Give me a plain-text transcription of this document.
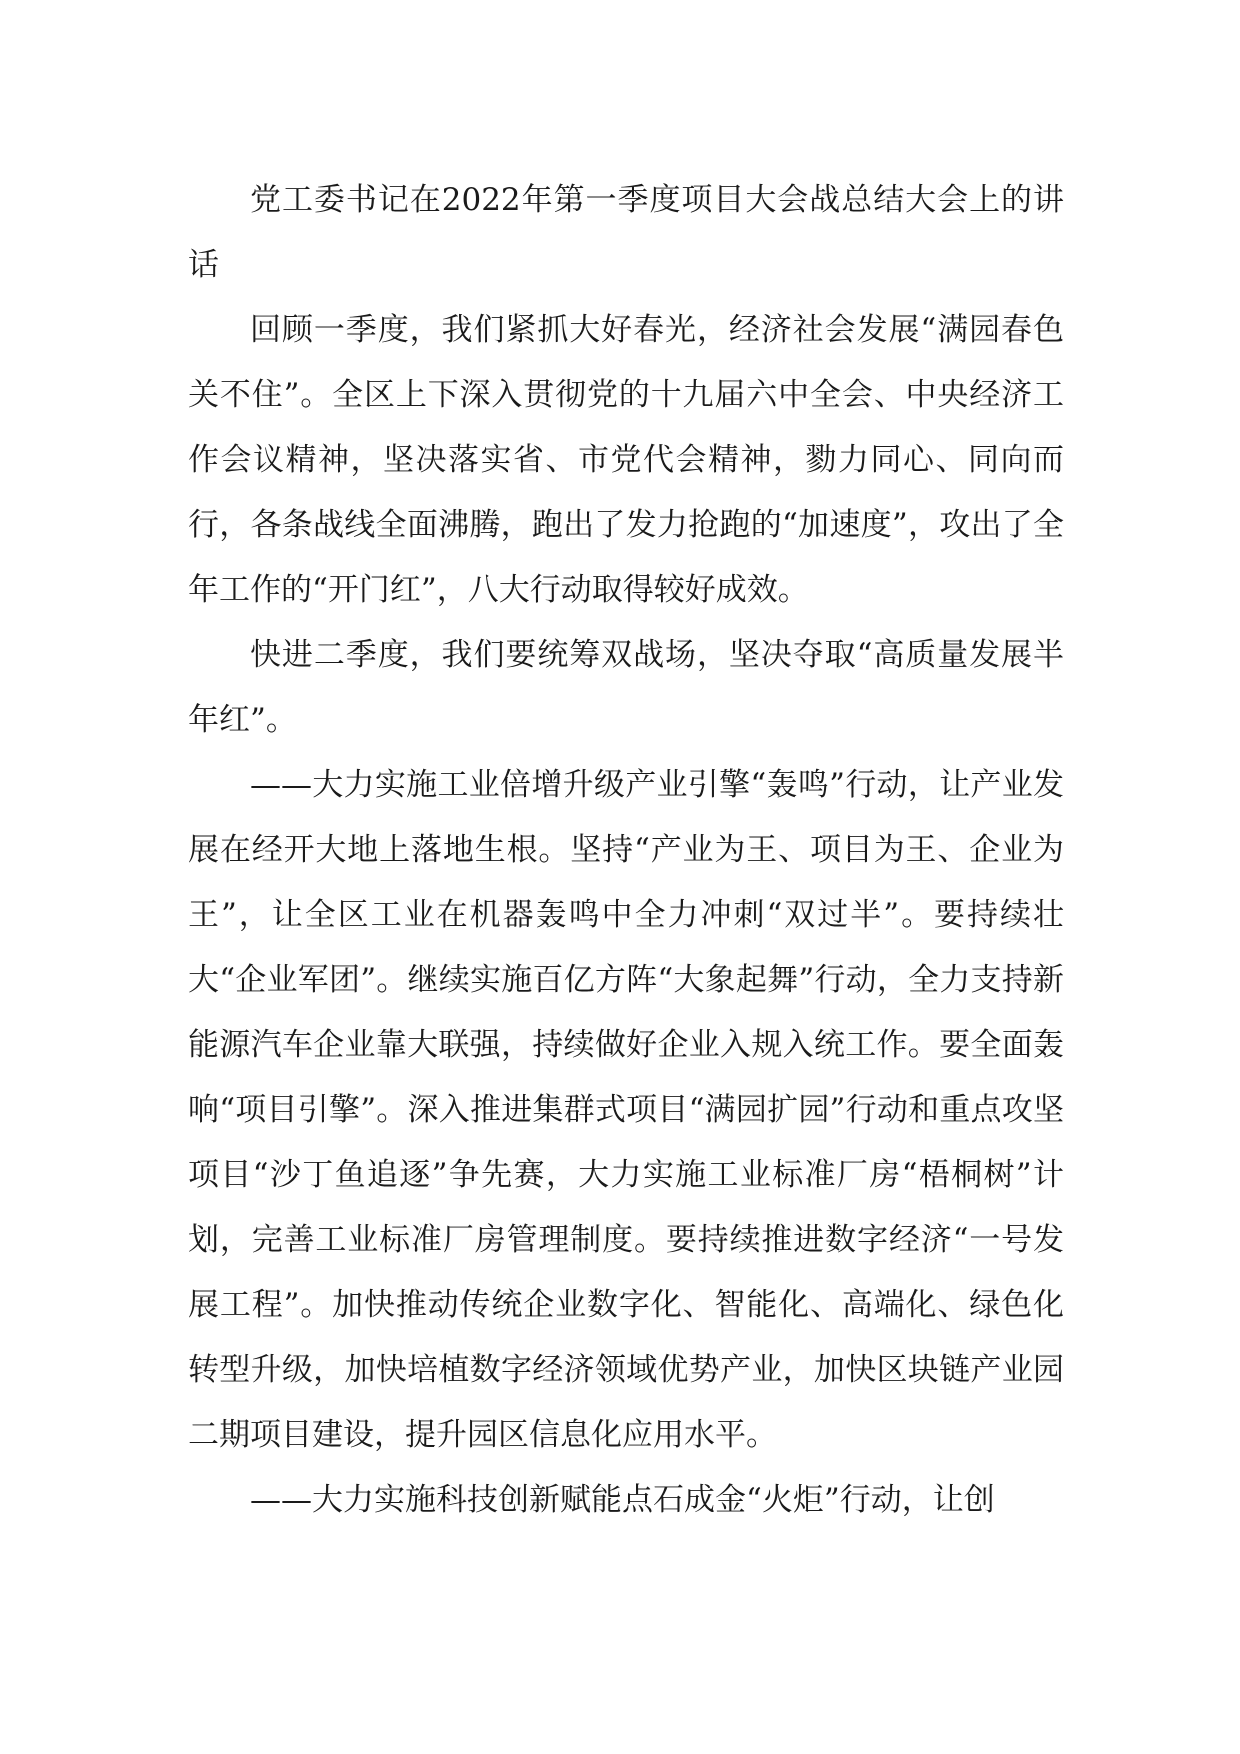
党工委书记在2022年第一季度项目大会战总结大会上的讲话

回顾一季度，我们紧抓大好春光，经济社会发展“满园春色关不住”。全区上下深入贯彻党的十九届六中全会、中央经济工作会议精神，坚决落实省、市党代会精神，勠力同心、同向而行，各条战线全面沸腾，跑出了发力抢跑的“加速度”，攻出了全年工作的“开门红”，八大行动取得较好成效。

快进二季度，我们要统筹双战场，坚决夺取“高质量发展半年红”。

——大力实施工业倍增升级产业引擎“轰鸣”行动，让产业发展在经开大地上落地生根。坚持“产业为王、项目为王、企业为王”，让全区工业在机器轰鸣中全力冲刺“双过半”。要持续壮大“企业军团”。继续实施百亿方阵“大象起舞”行动，全力支持新能源汽车企业靠大联强，持续做好企业入规入统工作。要全面轰响“项目引擎”。深入推进集群式项目“满园扩园”行动和重点攻坚项目“沙丁鱼追逐”争先赛，大力实施工业标准厂房“梧桐树”计划，完善工业标准厂房管理制度。要持续推进数字经济“一号发展工程”。加快推动传统企业数字化、智能化、高端化、绿色化转型升级，加快培植数字经济领域优势产业，加快区块链产业园二期项目建设，提升园区信息化应用水平。

——大力实施科技创新赋能点石成金“火炬”行动，让创
